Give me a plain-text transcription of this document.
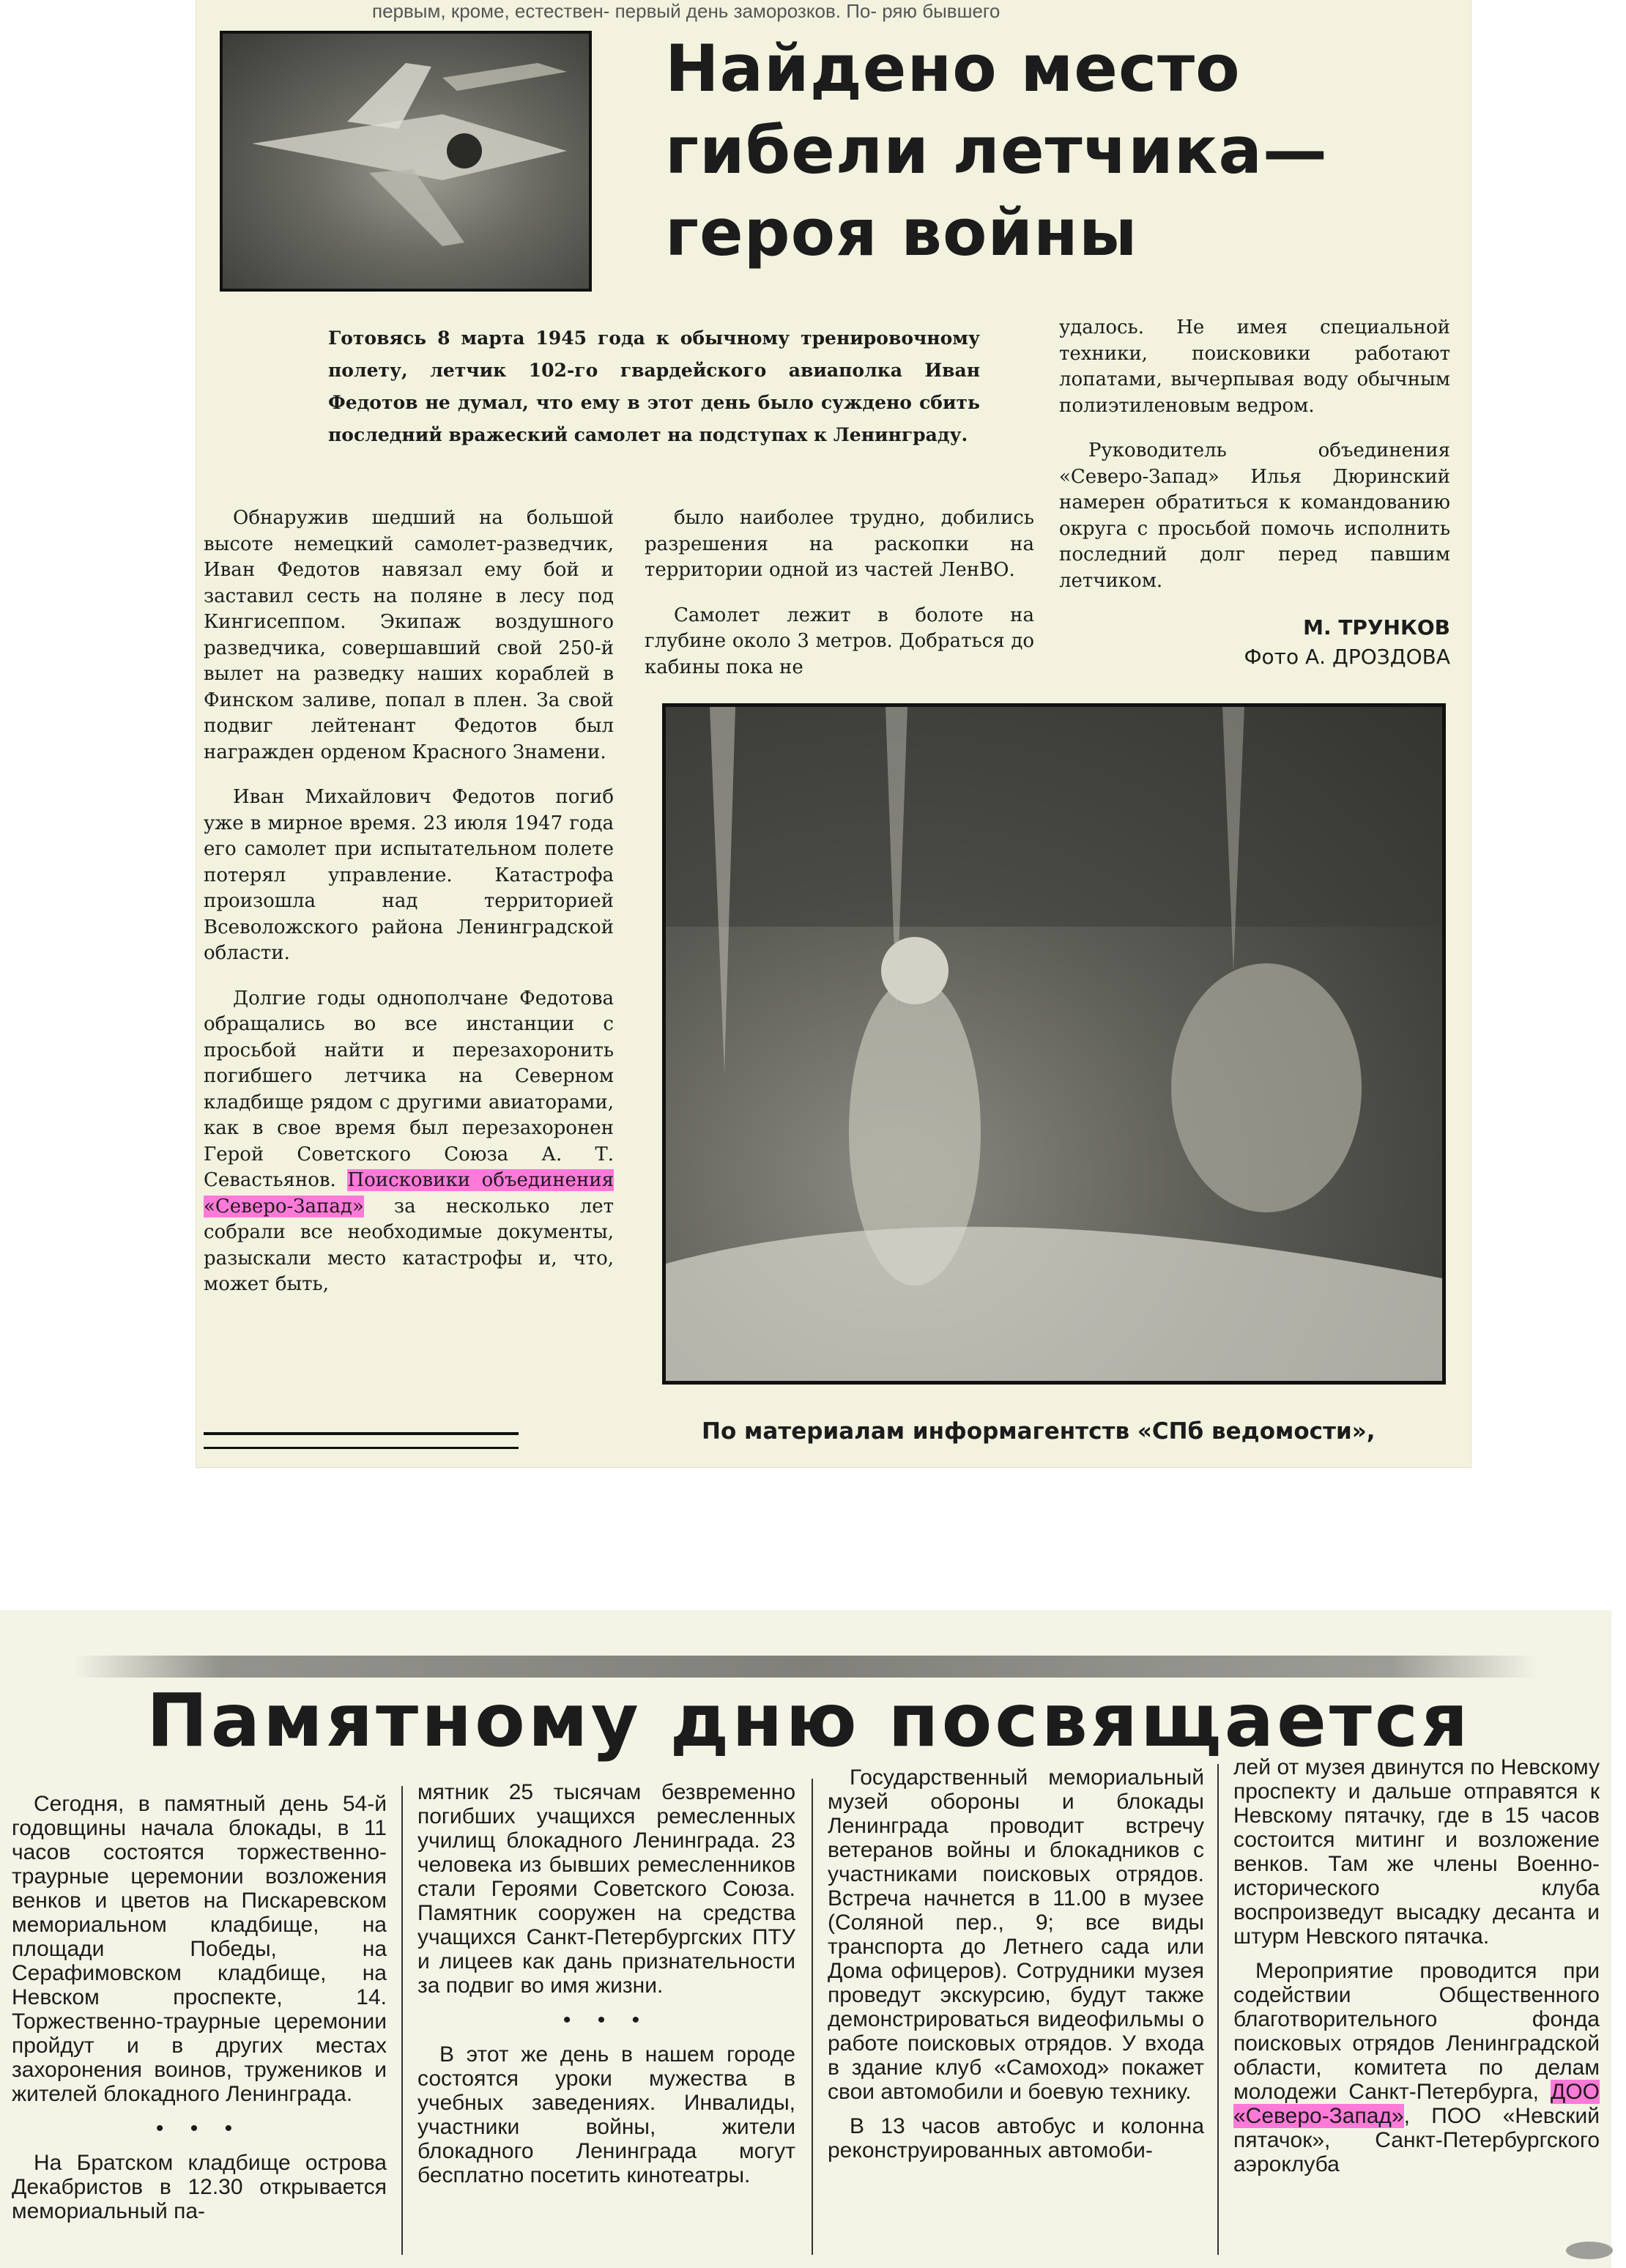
первым, кроме, естествен- первый день заморозков. По- ряю бывшего
Найдено место
гибели летчика—
героя войны
Готовясь 8 марта 1945 года к обычному тренировочному полету, летчик 102-го гвардейского авиаполка Иван Федотов не думал, что ему в этот день было суждено сбить последний вражеский самолет на подступах к Ленинграду.

Обнаружив шедший на большой высоте немецкий самолет-разведчик, Иван Федотов навязал ему бой и заставил сесть на поляне в лесу под Кингисеппом. Экипаж воздушного разведчика, совершавший свой 250-й вылет на разведку наших кораблей в Финском заливе, попал в плен. За свой подвиг лейтенант Федотов был награжден орденом Красного Знамени.

Иван Михайлович Федотов погиб уже в мирное время. 23 июля 1947 года его самолет при испытательном полете потерял управление. Катастрофа произошла над территорией Всеволожского района Ленинградской области.

Долгие годы однополчане Федотова обращались во все инстанции с просьбой найти и перезахоронить погибшего летчика на Северном кладбище рядом с другими авиаторами, как в свое время был перезахоронен Герой Советского Союза А. Т. Севастьянов. Поисковики объединения «Северо-Запад» за несколько лет собрали все необходимые документы, разыскали место катастрофы и, что, может быть,

было наиболее трудно, добились разрешения на раскопки на территории одной из частей ЛенВО.

Самолет лежит в болоте на глубине около 3 метров. Добраться до кабины пока не

удалось. Не имея специальной техники, поисковики работают лопатами, вычерпывая воду обычным полиэтиленовым ведром.

Руководитель объединения «Северо-Запад» Илья Дюринский намерен обратиться к командованию округа с просьбой помочь исполнить последний долг перед павшим летчиком.

М. ТРУНКОВ
Фото А. ДРОЗДОВА
По материалам информагентств «СПб ведомости»,
Памятному дню посвящается

Сегодня, в памятный день 54-й годовщины начала блокады, в 11 часов состоятся торжественно-траурные церемонии возложения венков и цветов на Пискаревском мемориальном кладбище, на площади Победы, на Серафимовском кладбище, на Невском проспекте, 14. Торжественно-траурные церемонии пройдут и в других местах захоронения воинов, тружеников и жителей блокадного Ленинграда.

• • •

На Братском кладбище острова Декабристов в 12.30 открывается мемориальный па-

мятник 25 тысячам безвременно погибших учащихся ремесленных училищ блокадного Ленинграда. 23 человека из бывших ремесленников стали Героями Советского Союза. Памятник сооружен на средства учащихся Санкт-Петербургских ПТУ и лицеев как дань признательности за подвиг во имя жизни.

• • •

В этот же день в нашем городе состоятся уроки мужества в учебных заведениях. Инвалиды, участники войны, жители блокадного Ленинграда могут бесплатно посетить кинотеатры.

Государственный мемориальный музей обороны и блокады Ленинграда проводит встречу ветеранов войны и блокадников с участниками поисковых отрядов. Встреча начнется в 11.00 в музее (Соляной пер., 9; все виды транспорта до Летнего сада или Дома офицеров). Сотрудники музея проведут экскурсию, будут также демонстрироваться видеофильмы о работе поисковых отрядов. У входа в здание клуб «Самоход» покажет свои автомобили и боевую технику.

В 13 часов автобус и колонна реконструированных автомоби-

лей от музея двинутся по Невскому проспекту и дальше отправятся к Невскому пятачку, где в 15 часов состоится митинг и возложение венков. Там же члены Военно-исторического клуба воспроизведут высадку десанта и штурм Невского пятачка.

Мероприятие проводится при содействии Общественного благотворительного фонда поисковых отрядов Ленинградской области, комитета по делам молодежи Санкт-Петербурга, ДОО «Северо-Запад», ПОО «Невский пятачок», Санкт-Петербургского аэроклуба
